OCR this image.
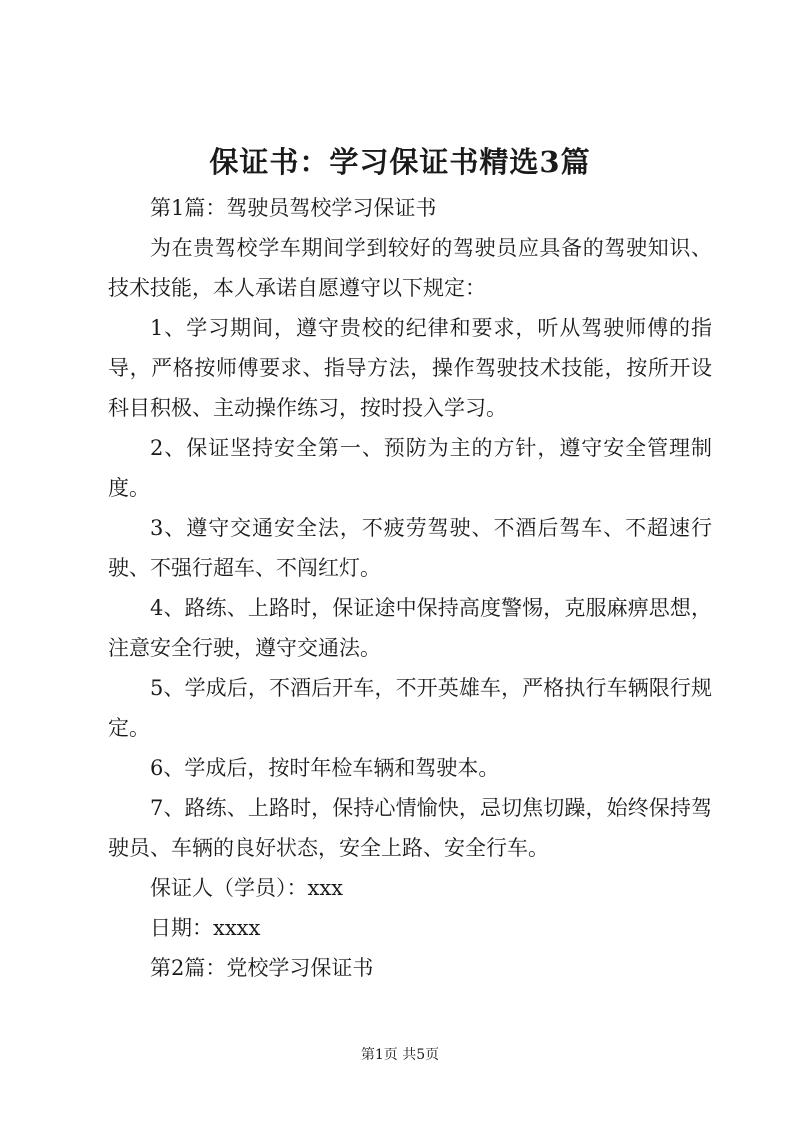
保证书：学习保证书精选3篇

第1篇：驾驶员驾校学习保证书

为在贵驾校学车期间学到较好的驾驶员应具备的驾驶知识、技术技能，本人承诺自愿遵守以下规定：

1、学习期间，遵守贵校的纪律和要求，听从驾驶师傅的指导，严格按师傅要求、指导方法，操作驾驶技术技能，按所开设科目积极、主动操作练习，按时投入学习。

2、保证坚持安全第一、预防为主的方针，遵守安全管理制度。

3、遵守交通安全法，不疲劳驾驶、不酒后驾车、不超速行驶、不强行超车、不闯红灯。

4、路练、上路时，保证途中保持高度警惕，克服麻痹思想，注意安全行驶，遵守交通法。

5、学成后，不酒后开车，不开英雄车，严格执行车辆限行规定。

6、学成后，按时年检车辆和驾驶本。

7、路练、上路时，保持心情愉快，忌切焦切躁，始终保持驾驶员、车辆的良好状态，安全上路、安全行车。

保证人（学员）：xxx

日期：xxxx

第2篇：党校学习保证书

第1页 共5页
